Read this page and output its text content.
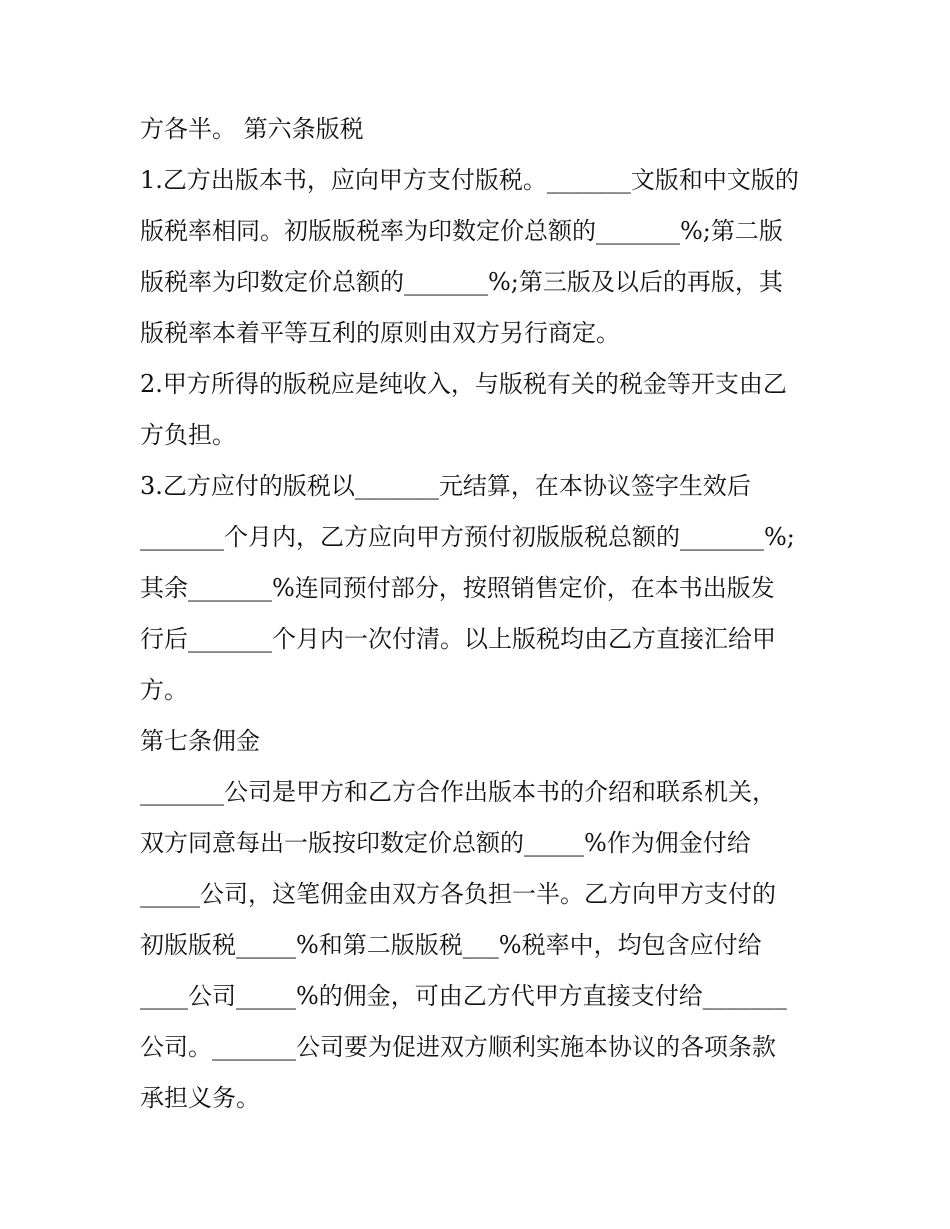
方各半。 第六条版税
1.乙方出版本书，应向甲方支付版税。_______文版和中文版的
版税率相同。初版版税率为印数定价总额的_______%;第二版
版税率为印数定价总额的_______%;第三版及以后的再版，其
版税率本着平等互利的原则由双方另行商定。
2.甲方所得的版税应是纯收入，与版税有关的税金等开支由乙
方负担。
3.乙方应付的版税以_______元结算，在本协议签字生效后
_______个月内，乙方应向甲方预付初版版税总额的_______%;
其余_______%连同预付部分，按照销售定价，在本书出版发
行后_______个月内一次付清。以上版税均由乙方直接汇给甲
方。
第七条佣金
_______公司是甲方和乙方合作出版本书的介绍和联系机关，
双方同意每出一版按印数定价总额的_____%作为佣金付给
_____公司，这笔佣金由双方各负担一半。乙方向甲方支付的
初版版税_____%和第二版版税___%税率中，均包含应付给
____公司_____%的佣金，可由乙方代甲方直接支付给_______
公司。_______公司要为促进双方顺利实施本协议的各项条款
承担义务。
